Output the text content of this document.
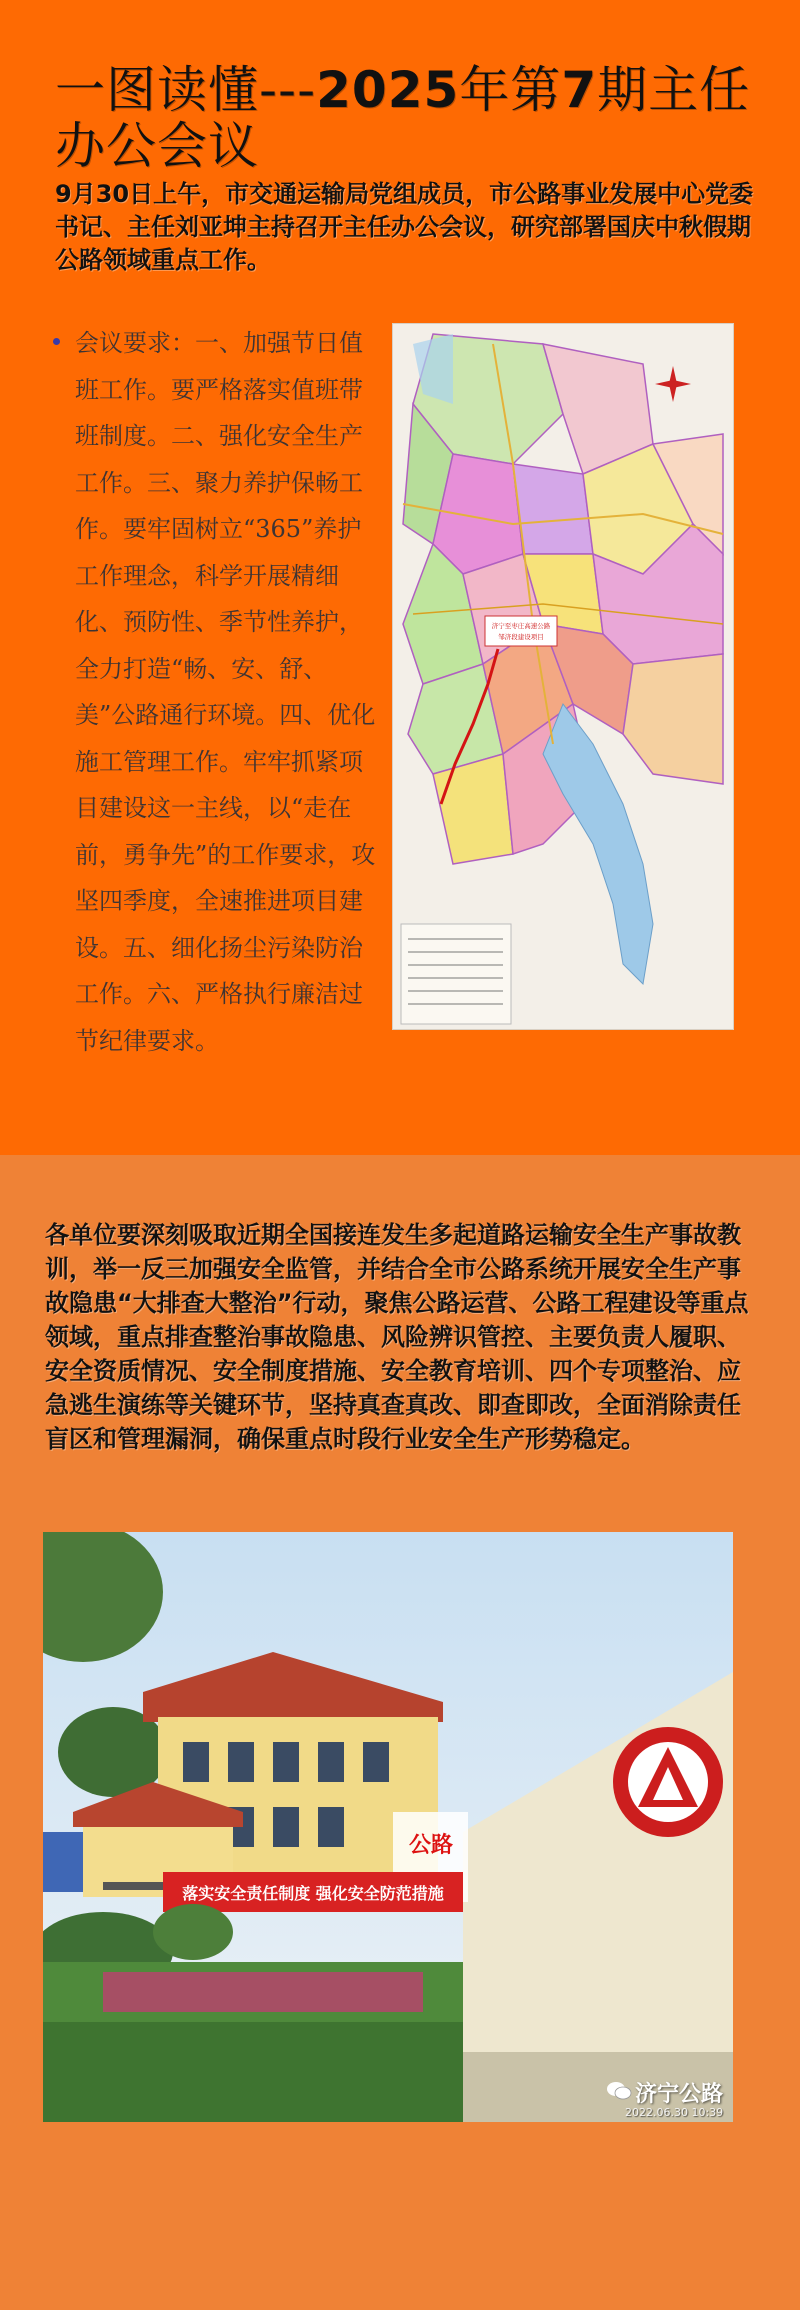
一图读懂---2025年第7期主任办公会议
9月30日上午，市交通运输局党组成员，市公路事业发展中心党委书记、主任刘亚坤主持召开主任办公会议，研究部署国庆中秋假期公路领域重点工作。
会议要求：一、加强节日值班工作。要严格落实值班带班制度。二、强化安全生产工作。三、聚力养护保畅工作。要牢固树立“365”养护工作理念，科学开展精细化、预防性、季节性养护，全力打造“畅、安、舒、美”公路通行环境。四、优化施工管理工作。牢牢抓紧项目建设这一主线，以“走在前，勇争先”的工作要求，攻坚四季度，全速推进项目建设。五、细化扬尘污染防治工作。六、严格执行廉洁过节纪律要求。
济宁至枣庄高速公路
邹济段建设项目
各单位要深刻吸取近期全国接连发生多起道路运输安全生产事故教训，举一反三加强安全监管，并结合全市公路系统开展安全生产事故隐患“大排查大整治”行动，聚焦公路运营、公路工程建设等重点领域，重点排查整治事故隐患、风险辨识管控、主要负责人履职、安全资质情况、安全制度措施、安全教育培训、四个专项整治、应急逃生演练等关键环节，坚持真查真改、即查即改，全面消除责任盲区和管理漏洞，确保重点时段行业安全生产形势稳定。
公路
落实安全责任制度 强化安全防范措施
济宁公路
2022.06.30 10:39
